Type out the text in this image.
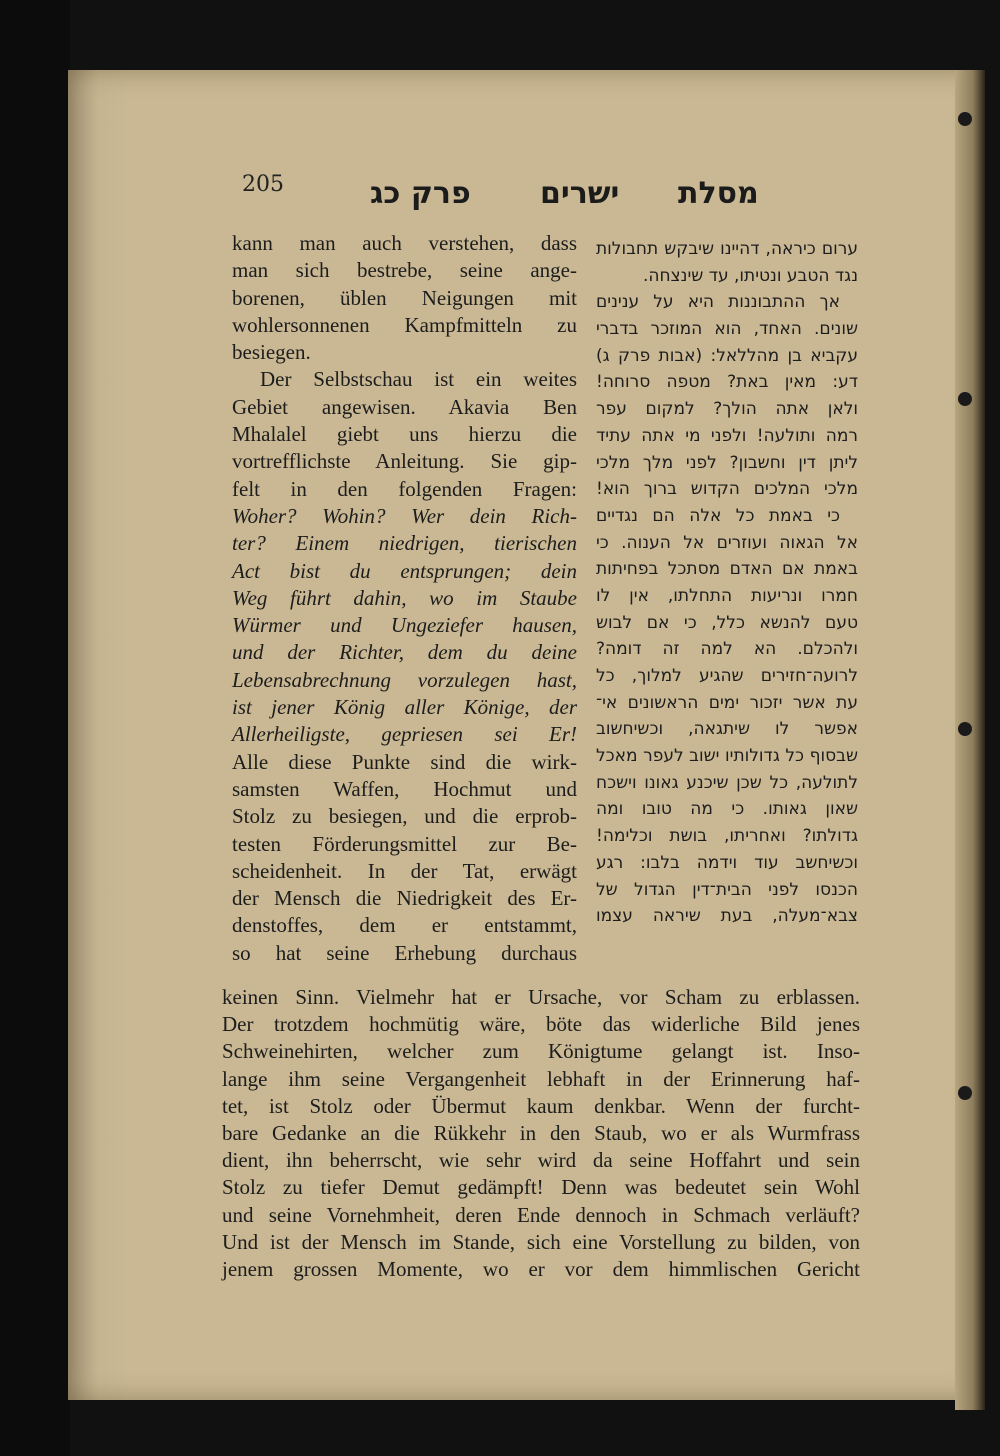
205	פרק כג ישרים מסלת
kann man auch verstehen, dass
man sich bestrebe, seine ange-
borenen, üblen Neigungen mit
wohlersonnenen Kampfmitteln zu
besiegen.
Der Selbstschau ist ein weites
Gebiet angewisen. Akavia Ben
Mhalalel giebt uns hierzu die
vortrefflichste Anleitung. Sie gip-
felt in den folgenden Fragen:
Woher? Wohin? Wer dein Rich-
ter? Einem niedrigen, tierischen
Act bist du entsprungen; dein
Weg führt dahin, wo im Staube
Würmer und Ungeziefer hausen,
und der Richter, dem du deine
Lebensabrechnung vorzulegen hast,
ist jener König aller Könige, der
Allerheiligste, gepriesen sei Er!
Alle diese Punkte sind die wirk-
samsten Waffen, Hochmut und
Stolz zu besiegen, und die erprob-
testen Förderungsmittel zur Be-
scheidenheit. In der Tat, erwägt
der Mensch die Niedrigkeit des Er-
denstoffes, dem er entstammt,
so hat seine Erhebung durchaus
ערום כיראה, דהיינו שיבקש תחבולות
נגד הטבע ונטיתו, עד שינצחה.
אך ההתבוננות היא על ענינים
שונים. האחד, הוא המוזכר בדברי
עקביא בן מהללאל: (אבות פרק ג)
דע: מאין באת? מטפה סרוחה!
ולאן אתה הולך? למקום עפר
רמה ותולעה! ולפני מי אתה עתיד
ליתן דין וחשבון? לפני מלך מלכי
מלכי המלכים הקדוש ברוך הוא!
כי באמת כל אלה הם נגדיים
אל הגאוה ועוזרים אל הענוה. כי
באמת אם האדם מסתכל בפחיתות
חמרו ונריעות התחלתו, אין לו
טעם להנשא כלל, כי אם לבוש
ולהכלם. הא למה זה דומה?
לרועה־חזירים שהגיע למלוך, כל
עת אשר יזכור ימים הראשונים אי־
אפשר לו שיתגאה, וכשיחשוב
שבסוף כל גדולותיו ישוב לעפר מאכל
לתולעה, כל שכן שיכנע גאונו וישכח
שאון גאותו. כי מה טובו ומה
גדולתו? ואחריתו, בושת וכלימה!
וכשיחשב עוד וידמה בלבו: רגע
הכנסו לפני הבית־דין הגדול של
צבא־מעלה, בעת שיראה עצמו
keinen Sinn. Vielmehr hat er Ursache, vor Scham zu erblassen.
Der trotzdem hochmütig wäre, böte das widerliche Bild jenes
Schweinehirten, welcher zum Königtume gelangt ist. Inso-
lange ihm seine Vergangenheit lebhaft in der Erinnerung haf-
tet, ist Stolz oder Übermut kaum denkbar. Wenn der furcht-
bare Gedanke an die Rükkehr in den Staub, wo er als Wurmfrass
dient, ihn beherrscht, wie sehr wird da seine Hoffahrt und sein
Stolz zu tiefer Demut gedämpft! Denn was bedeutet sein Wohl
und seine Vornehmheit, deren Ende dennoch in Schmach verläuft?
Und ist der Mensch im Stande, sich eine Vorstellung zu bilden, von
jenem grossen Momente, wo er vor dem himmlischen Gericht
